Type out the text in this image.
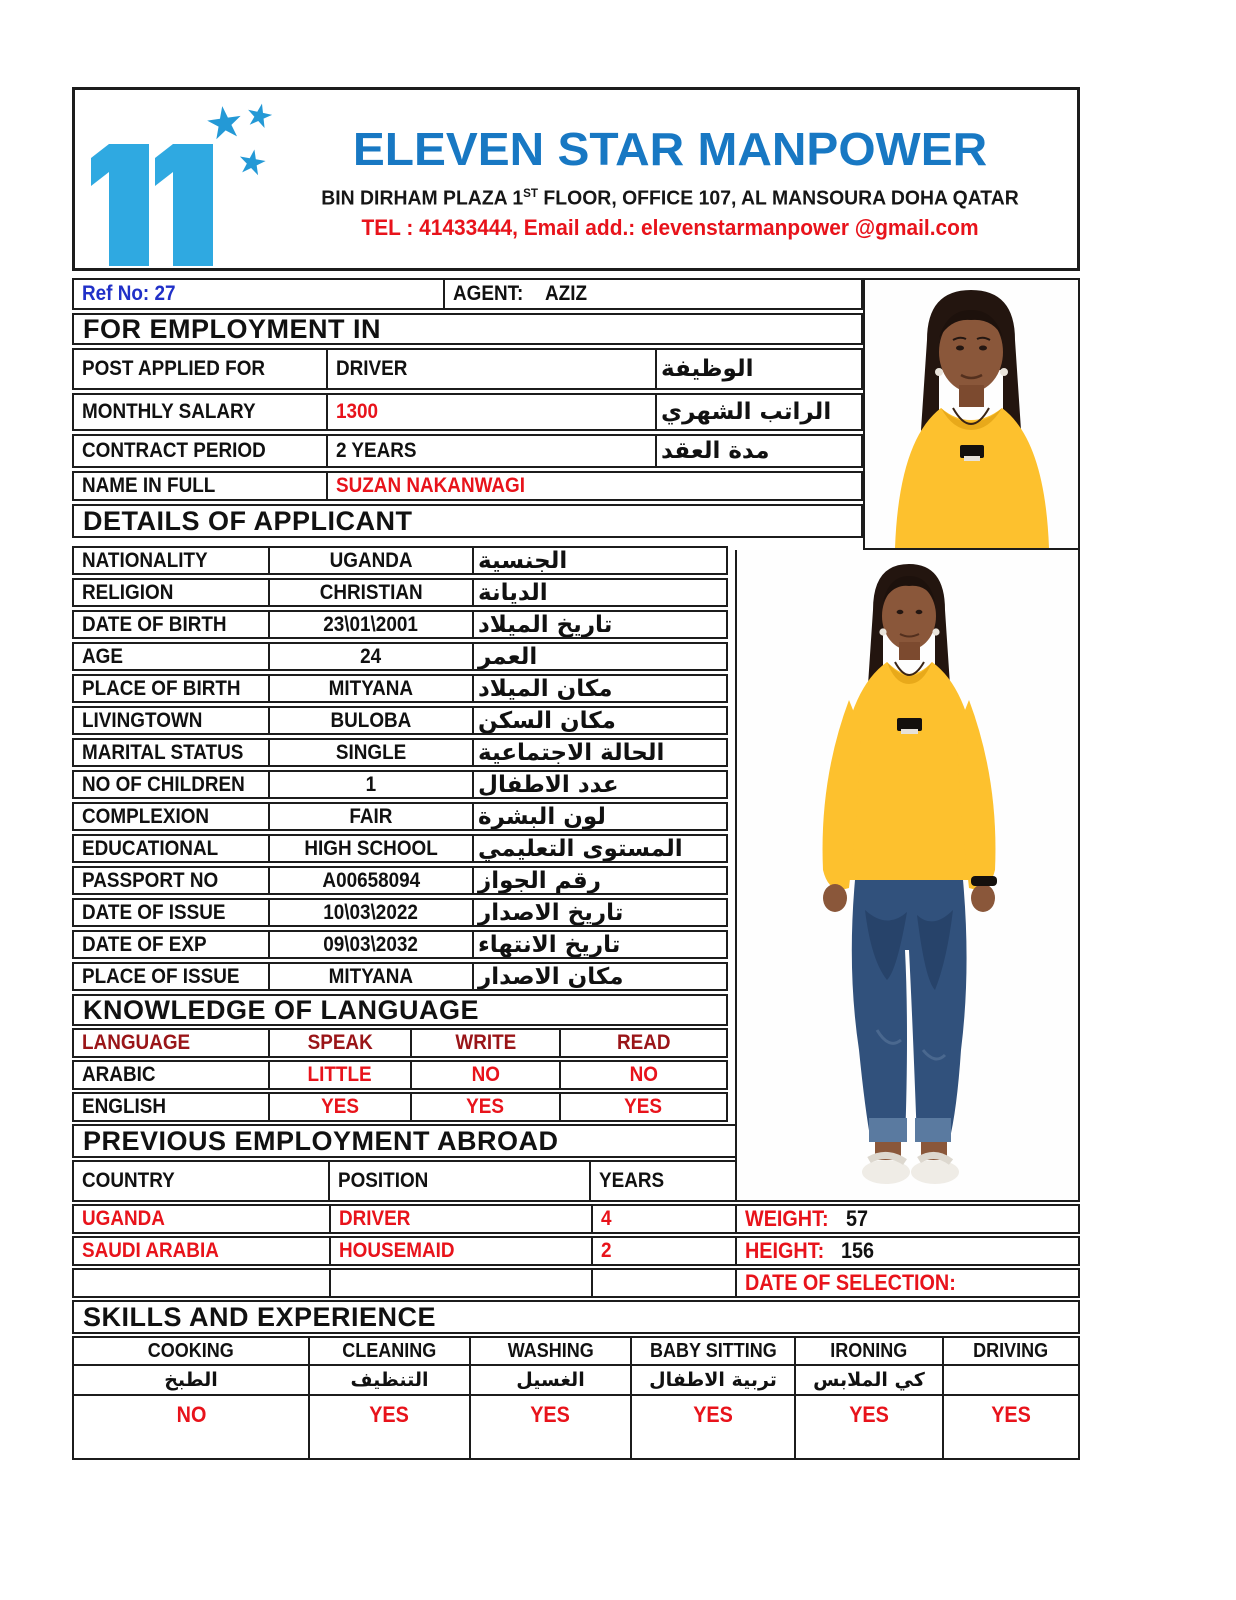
★
★
★	ELEVEN STAR MANPOWER
BIN DIRHAM PLAZA 1ST FLOOR, OFFICE 107, AL MANSOURA DOHA QATAR
TEL : 41433444, Email add.: elevenstarmanpower @gmail.com
Ref No: 27	AGENT: AZIZ
FOR EMPLOYMENT IN
POST APPLIED FOR	DRIVER	الوظيفة
MONTHLY SALARY	1300	الراتب الشهري
CONTRACT PERIOD	2 YEARS	مدة العقد
NAME IN FULL	SUZAN NAKANWAGI
DETAILS OF APPLICANT
NATIONALITY	UGANDA	الجنسية
RELIGION	CHRISTIAN الديانة
DATE OF BIRTH	23\01\2001	تاريخ الميلاد
AGE	24	العمر
PLACE OF BIRTH	MITYANA	مكان الميلاد
LIVINGTOWN	BULOBA	مكان السكن
MARITAL STATUS	SINGLE	الحالة الاجتماعية
NO OF CHILDREN	1	عدد الاطفال
COMPLEXION	FAIR	لون البشرة
EDUCATIONAL	HIGH SCHOOL المستوى التعليمي
PASSPORT NO	A00658094	رقم الجواز
DATE OF ISSUE	10\03\2022	تاريخ الاصدار
DATE OF EXP	09\03\2032	تاريخ الانتهاء
PLACE OF ISSUE	MITYANA	مكان الاصدار
KNOWLEDGE OF LANGUAGE
LANGUAGE	SPEAK	WRITE	READ
ARABIC	LITTLE	NO	NO
ENGLISH	YES	YES	YES
PREVIOUS EMPLOYMENT ABROAD
COUNTRY	POSITION	YEARS
UGANDA	DRIVER	4	WEIGHT: 57
SAUDI ARABIA	HOUSEMAID	2	HEIGHT: 156
DATE OF SELECTION:
SKILLS AND EXPERIENCE
COOKING	CLEANING	WASHING	BABY SITTING	IRONING	DRIVING
الطبخ	التنظيف	الغسيل	تربية الاطفال	كي الملابس
NO	YES	YES	YES	YES	YES
